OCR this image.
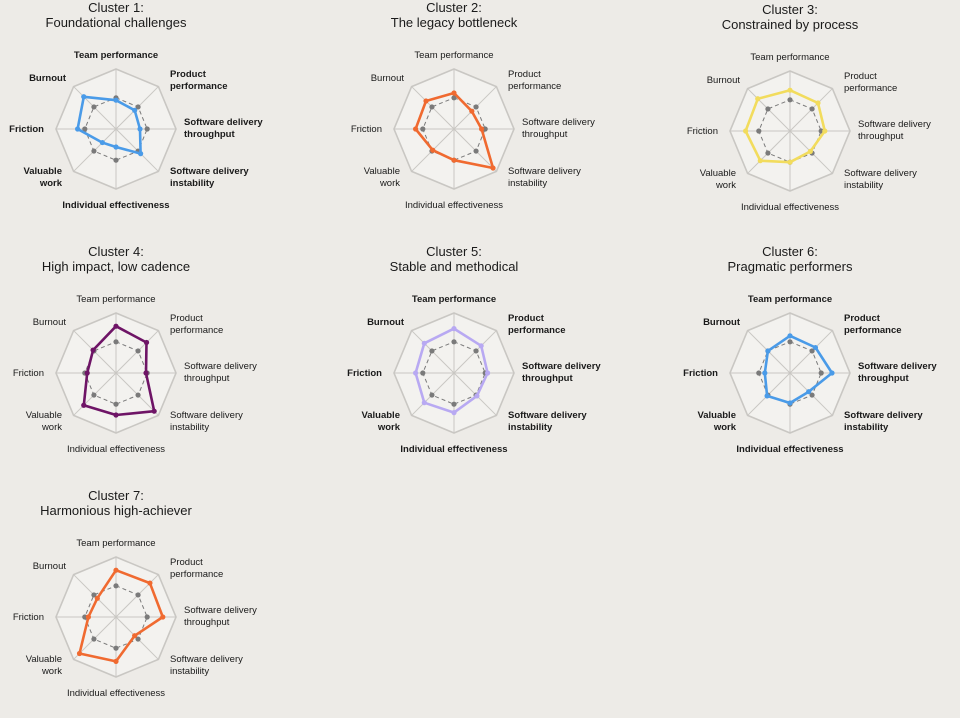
Cluster 1:
Foundational challenges
Team performance
Product performance
Software delivery throughput
Software delivery instability
Individual effectiveness
Valuable work
Friction
Burnout
Cluster 2:
The legacy bottleneck
Team performance
Product performance
Software delivery throughput
Software delivery instability
Individual effectiveness
Valuable work
Friction
Burnout
Cluster 3:
Constrained by process
Team performance
Product performance
Software delivery throughput
Software delivery instability
Individual effectiveness
Valuable work
Friction
Burnout
Cluster 4:
High impact, low cadence
Team performance
Product performance
Software delivery throughput
Software delivery instability
Individual effectiveness
Valuable work
Friction
Burnout
Cluster 5:
Stable and methodical
Team performance
Product performance
Software delivery throughput
Software delivery instability
Individual effectiveness
Valuable work
Friction
Burnout
Cluster 6:
Pragmatic performers
Team performance
Product performance
Software delivery throughput
Software delivery instability
Individual effectiveness
Valuable work
Friction
Burnout
Cluster 7:
Harmonious high-achiever
Team performance
Product performance
Software delivery throughput
Software delivery instability
Individual effectiveness
Valuable work
Friction
Burnout
